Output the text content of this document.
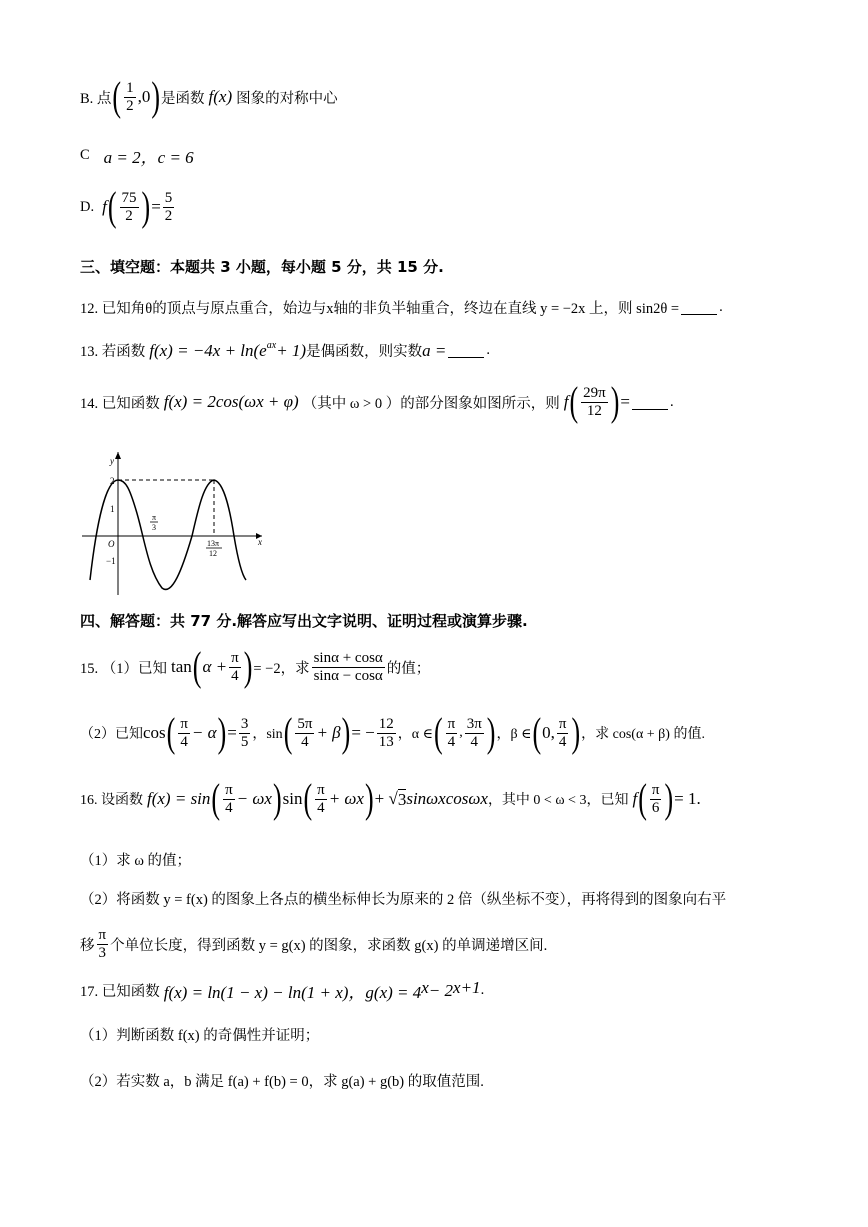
B. 点 ( $\frac{1}{2}$ , 0 ) 是函数 f(x) 图象的对称中心
C a = 2，c = 6
D. f ( $\frac{75}{2}$ ) = $\frac{5}{2}$
三、填空题：本题共 3 小题，每小题 5 分，共 15 分.
12. 已知角θ的顶点与原点重合，始边与x轴的非负半轴重合，终边在直线 y = −2x 上，则 sin2θ =	.
13. 若函数 $f(x) = -4x + \ln(e^{ax} + 1)$ 是偶函数，则实数 a =	.
14. 已知函数 f(x) = 2cos(ωx + φ) （其中 ω > 0 ）的部分图象如图所示，则 f ( $\frac{29\pi}{12}$ ) =	.
y
x
O
2
1
−1
π
3
13π
12
四、解答题：共 77 分.解答应写出文字说明、证明过程或演算步骤.
15. （1）已知 tan ( $\alpha + \frac{\pi}{4}$ ) = −2，求 $\frac{\sin\alpha + \cos\alpha}{\sin\alpha - \cos\alpha}$ 的值；
（2）已知 cos ( $\frac{\pi}{4} - \alpha$ ) = $\frac{3}{5}$ ，sin ( $\frac{5\pi}{4} + \beta$ ) = − $\frac{12}{13}$ ，α ∈ ( $\frac{\pi}{4}$ , $\frac{3\pi}{4}$ ) ，β ∈ ( 0, $\frac{\pi}{4}$ ) ，求 cos(α + β) 的值.
16. 设函数 f(x) = sin ( $\frac{\pi}{4} - \omega x$ ) sin ( $\frac{\pi}{4} + \omega x$ ) + √ 3 sinωxcosωx ，其中 0 < ω < 3，已知 f ( $\frac{\pi}{6}$ ) = 1.
（1）求 ω 的值；
（2）将函数 y = f(x) 的图象上各点的横坐标伸长为原来的 2 倍（纵坐标不变），再将得到的图象向右平
移 $\frac{\pi}{3}$ 个单位长度，得到函数 y = g(x) 的图象，求函数 g(x) 的单调递增区间.
17. 已知函数 f(x) = ln(1 − x) − ln(1 + x)，g(x) = 4 x − 2 x+1 .
（1）判断函数 f(x) 的奇偶性并证明；
（2）若实数 a，b 满足 f(a) + f(b) = 0，求 g(a) + g(b) 的取值范围.
